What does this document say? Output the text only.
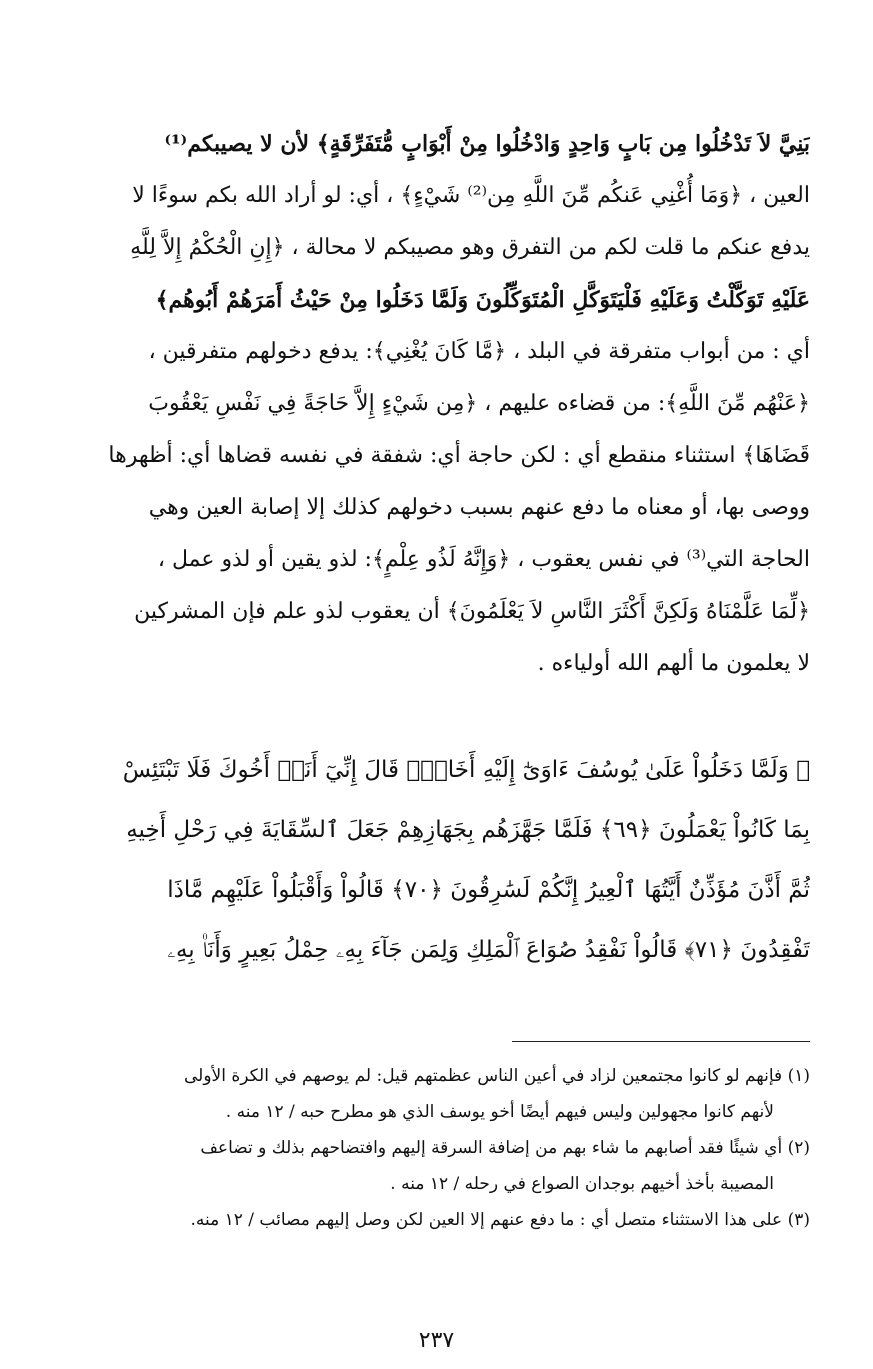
بَنِيَّ لاَ تَدْخُلُوا مِن بَابٍ وَاحِدٍ وَادْخُلُوا مِنْ أَبْوَابٍ مُّتَفَرِّقَةٍ﴾ لأن لا يصيبكم⁽¹⁾
العين ، ﴿وَمَا أُغْنِي عَنكُم مِّنَ اللَّهِ مِن⁽²⁾ شَيْءٍ﴾ ، أي: لو أراد الله بكم سوءًا لا
يدفع عنكم ما قلت لكم من التفرق وهو مصيبكم لا محالة ، ﴿إِنِ الْحُكْمُ إِلاَّ لِلَّهِ
عَلَيْهِ تَوَكَّلْتُ وَعَلَيْهِ فَلْيَتَوَكَّلِ الْمُتَوَكِّلُونَ وَلَمَّا دَخَلُوا مِنْ حَيْثُ أَمَرَهُمْ أَبُوهُم﴾
أي : من أبواب متفرقة في البلد ، ﴿مَّا كَانَ يُغْنِي﴾: يدفع دخولهم متفرقين ،
﴿عَنْهُم مِّنَ اللَّهِ﴾: من قضاءه عليهم ، ﴿مِن شَيْءٍ إِلاَّ حَاجَةً فِي نَفْسِ يَعْقُوبَ
قَضَاهَا﴾ استثناء منقطع أي : لكن حاجة أي: شفقة في نفسه قضاها أي: أظهرها
ووصى بها، أو معناه ما دفع عنهم بسبب دخولهم كذلك إلا إصابة العين وهي
الحاجة التي⁽³⁾ في نفس يعقوب ، ﴿وَإِنَّهُ لَذُو عِلْمٍ﴾: لذو يقين أو لذو عمل ،
﴿لِّمَا عَلَّمْنَاهُ وَلَكِنَّ أَكْثَرَ النَّاسِ لاَ يَعْلَمُونَ﴾ أن يعقوب لذو علم فإن المشركين
لا يعلمون ما ألهم الله أولياءه .
﴿ وَلَمَّا دَخَلُواْ عَلَىٰ يُوسُفَ ءَاوَىٰٓ إِلَيْهِ أَخَاهُۖ قَالَ إِنِّيٓ أَنَا۠ أَخُوكَ فَلَا تَبْتَئِسْ
بِمَا كَانُواْ يَعْمَلُونَ ﴿٦٩﴾ فَلَمَّا جَهَّزَهُم بِجَهَازِهِمْ جَعَلَ ٱلسِّقَايَةَ فِي رَحْلِ أَخِيهِ
ثُمَّ أَذَّنَ مُؤَذِّنٌ أَيَّتُهَا ٱلْعِيرُ إِنَّكُمْ لَسَٰرِقُونَ ﴿٧٠﴾ قَالُواْ وَأَقْبَلُواْ عَلَيْهِم مَّاذَا
تَفْقِدُونَ ﴿٧١﴾ قَالُواْ نَفْقِدُ صُوَاعَ ٱلْمَلِكِ وَلِمَن جَآءَ بِهِۦ حِمْلُ بَعِيرٍ وَأَنَا۠ بِهِۦ
(١) فإنهم لو كانوا مجتمعين لزاد في أعين الناس عظمتهم قيل: لم يوصهم في الكرة الأولى
لأنهم كانوا مجهولين وليس فيهم أيضًا أخو يوسف الذي هو مطرح حبه / ١٢ منه .
(٢) أي شيئًا فقد أصابهم ما شاء بهم من إضافة السرقة إليهم وافتضاحهم بذلك و تضاعف
المصيبة بأخذ أخيهم بوجدان الصواع في رحله / ١٢ منه .
(٣) على هذا الاستثناء متصل أي : ما دفع عنهم إلا العين لكن وصل إليهم مصائب / ١٢ منه.
٢٣٧
